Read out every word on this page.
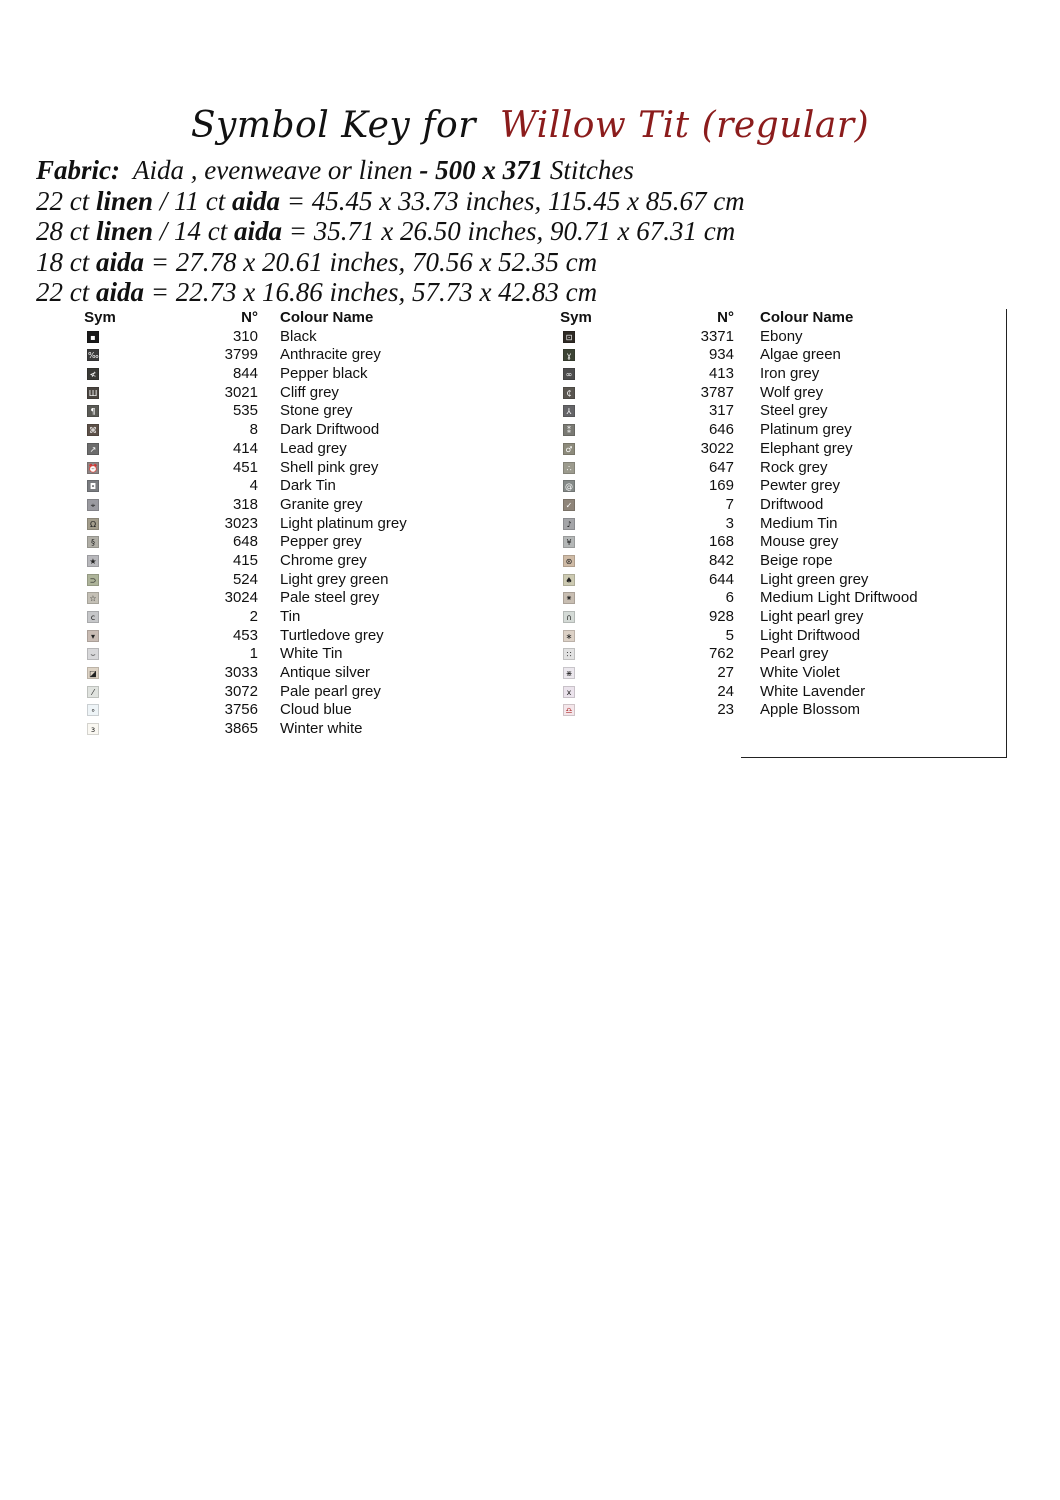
Symbol Key for Willow Tit (regular)
Fabric: Aida , evenweave or linen - 500 x 371 Stitches
22 ct linen / 11 ct aida = 45.45 x 33.73 inches, 115.45 x 85.67 cm
28 ct linen / 14 ct aida = 35.71 x 26.50 inches, 90.71 x 67.31 cm
18 ct aida = 27.78 x 20.61 inches, 70.56 x 52.35 cm
22 ct aida = 22.73 x 16.86 inches, 57.73 x 42.83 cm
Sym	N° Colour Name
▪	310 Black
‰	3799 Anthracite grey
≮	844 Pepper black
Ш	3021 Cliff grey
¶	535 Stone grey
⌘	8 Dark Driftwood
↗	414 Lead grey
⏰	451 Shell pink grey
◘	4 Dark Tin
⌖	318 Granite grey
Ω	3023 Light platinum grey
§	648 Pepper grey
★	415 Chrome grey
⊃	524 Light grey green
☆	3024 Pale steel grey
c	2 Tin
▾	453 Turtledove grey
⌣	1 White Tin
◪	3033 Antique silver
⁄	3072 Pale pearl grey
∘	3756 Cloud blue
ɜ	3865 Winter white
Sym	N° Colour Name
⊡	3371 Ebony
ɣ	934 Algae green
∞	413 Iron grey
₵	3787 Wolf grey
⅄	317 Steel grey
⁑	646 Platinum grey
♂	3022 Elephant grey
∴	647 Rock grey
@	169 Pewter grey
✓	7 Driftwood
♪	3 Medium Tin
¥	168 Mouse grey
⊛	842 Beige rope
♠	644 Light green grey
⁕	6 Medium Light Driftwood
∩	928 Light pearl grey
∗	5 Light Driftwood
∷	762 Pearl grey
⋇	27 White Violet
x	24 White Lavender
♎	23 Apple Blossom
